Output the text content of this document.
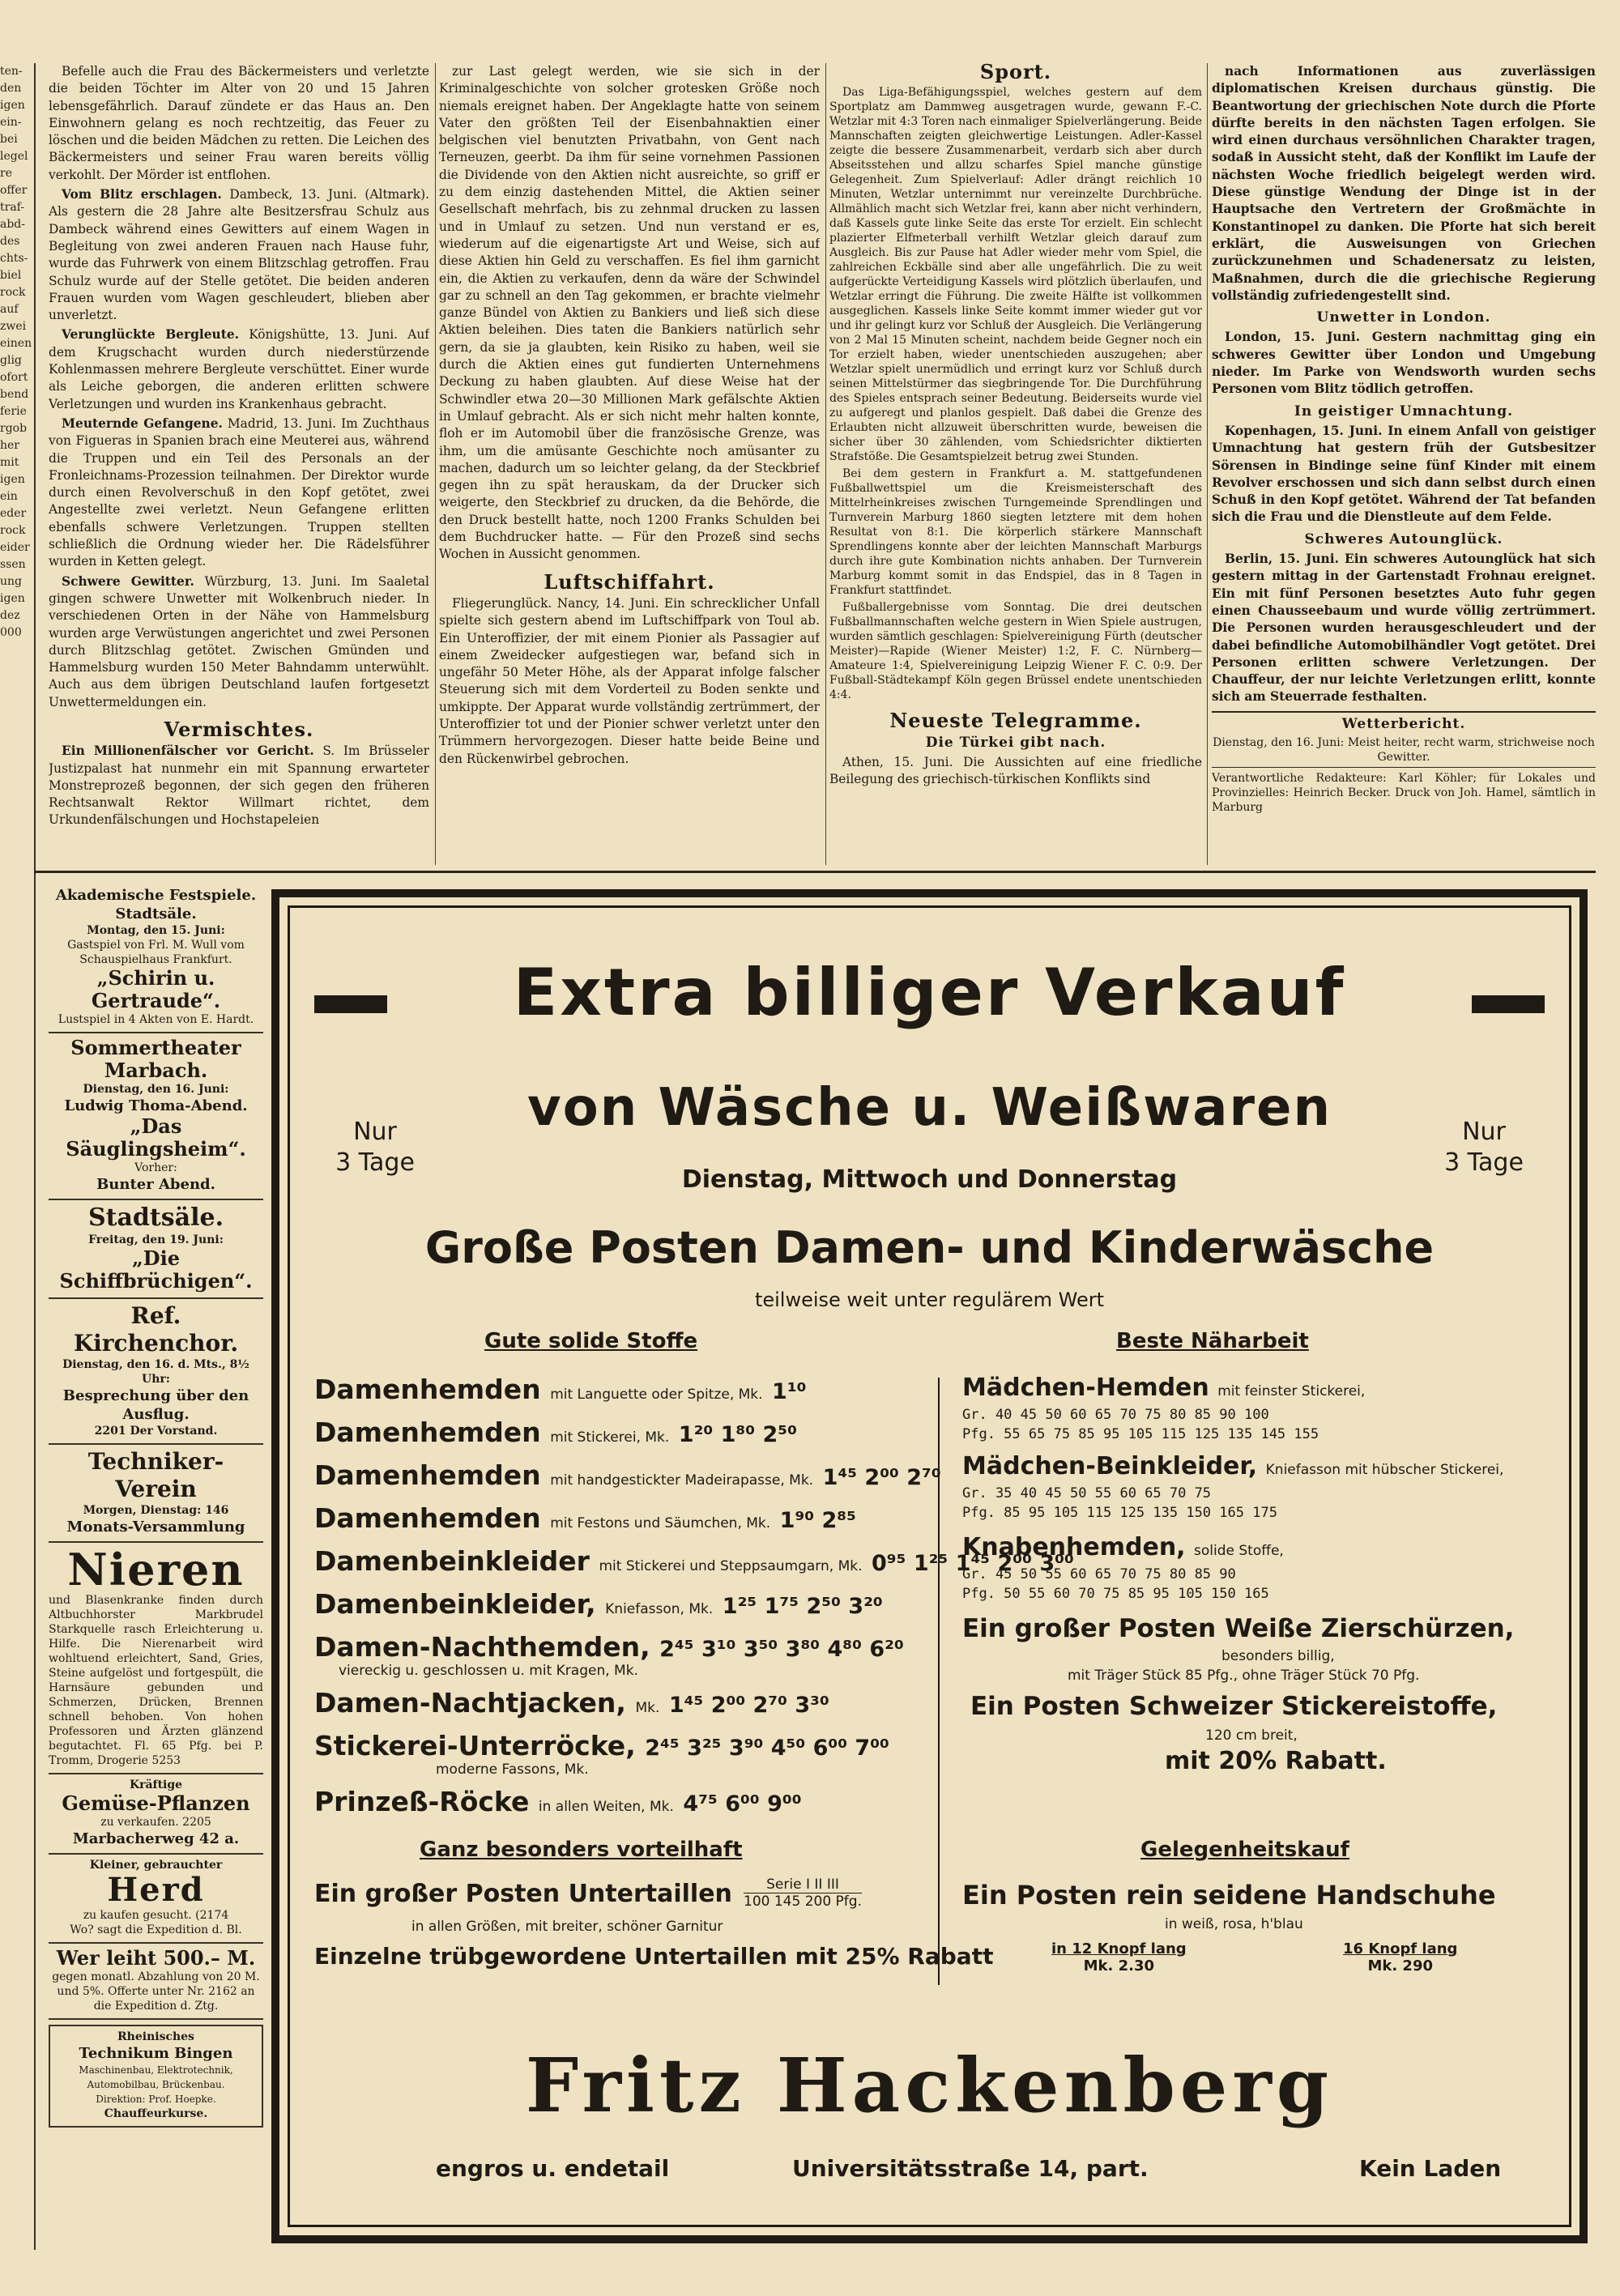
ten- den igen ein- bei legel re offer traf- abd- des chts- biel rock auf zwei einen glig ofort bend ferie rgob her mit igen ein eder rock eider ssen ung igen dez 000

Befelle auch die Frau des Bäckermeisters und verletzte die beiden Töchter im Alter von 20 und 15 Jahren lebensgefährlich. Darauf zündete er das Haus an. Den Einwohnern gelang es noch rechtzeitig, das Feuer zu löschen und die beiden Mädchen zu retten. Die Leichen des Bäckermeisters und seiner Frau waren bereits völlig verkohlt. Der Mörder ist entflohen.

Vom Blitz erschlagen. Dambeck, 13. Juni. (Altmark). Als gestern die 28 Jahre alte Besitzersfrau Schulz aus Dambeck während eines Gewitters auf einem Wagen in Begleitung von zwei anderen Frauen nach Hause fuhr, wurde das Fuhrwerk von einem Blitzschlag getroffen. Frau Schulz wurde auf der Stelle getötet. Die beiden anderen Frauen wurden vom Wagen geschleudert, blieben aber unverletzt.

Verunglückte Bergleute. Königshütte, 13. Juni. Auf dem Krugschacht wurden durch niederstürzende Kohlenmassen mehrere Bergleute verschüttet. Einer wurde als Leiche geborgen, die anderen erlitten schwere Verletzungen und wurden ins Krankenhaus gebracht.

Meuternde Gefangene. Madrid, 13. Juni. Im Zuchthaus von Figueras in Spanien brach eine Meuterei aus, während die Truppen und ein Teil des Personals an der Fronleichnams-Prozession teilnahmen. Der Direktor wurde durch einen Revolverschuß in den Kopf getötet, zwei Angestellte zwei verletzt. Neun Gefangene erlitten ebenfalls schwere Verletzungen. Truppen stellten schließlich die Ordnung wieder her. Die Rädelsführer wurden in Ketten gelegt.

Schwere Gewitter. Würzburg, 13. Juni. Im Saaletal gingen schwere Unwetter mit Wolkenbruch nieder. In verschiedenen Orten in der Nähe von Hammelsburg wurden arge Verwüstungen angerichtet und zwei Personen durch Blitzschlag getötet. Zwischen Gmünden und Hammelsburg wurden 150 Meter Bahndamm unterwühlt. Auch aus dem übrigen Deutschland laufen fortgesetzt Unwettermeldungen ein.

Vermischtes.

Ein Millionenfälscher vor Gericht. S. Im Brüsseler Justizpalast hat nunmehr ein mit Spannung erwarteter Monstreprozeß begonnen, der sich gegen den früheren Rechtsanwalt Rektor Willmart richtet, dem Urkundenfälschungen und Hochstapeleien

zur Last gelegt werden, wie sie sich in der Kriminalgeschichte von solcher grotesken Größe noch niemals ereignet haben. Der Angeklagte hatte von seinem Vater den größten Teil der Eisenbahnaktien einer belgischen viel benutzten Privatbahn, von Gent nach Terneuzen, geerbt. Da ihm für seine vornehmen Passionen die Dividende von den Aktien nicht ausreichte, so griff er zu dem einzig dastehenden Mittel, die Aktien seiner Gesellschaft mehrfach, bis zu zehnmal drucken zu lassen und in Umlauf zu setzen. Und nun verstand er es, wiederum auf die eigenartigste Art und Weise, sich auf diese Aktien hin Geld zu verschaffen. Es fiel ihm garnicht ein, die Aktien zu verkaufen, denn da wäre der Schwindel gar zu schnell an den Tag gekommen, er brachte vielmehr ganze Bündel von Aktien zu Bankiers und ließ sich diese Aktien beleihen. Dies taten die Bankiers natürlich sehr gern, da sie ja glaubten, kein Risiko zu haben, weil sie durch die Aktien eines gut fundierten Unternehmens Deckung zu haben glaubten. Auf diese Weise hat der Schwindler etwa 20—30 Millionen Mark gefälschte Aktien in Umlauf gebracht. Als er sich nicht mehr halten konnte, floh er im Automobil über die französische Grenze, was ihm, um die amüsante Geschichte noch amüsanter zu machen, dadurch um so leichter gelang, da der Steckbrief gegen ihn zu spät herauskam, da der Drucker sich weigerte, den Steckbrief zu drucken, da die Behörde, die den Druck bestellt hatte, noch 1200 Franks Schulden bei dem Buchdrucker hatte. — Für den Prozeß sind sechs Wochen in Aussicht genommen.

Luftschiffahrt.

Fliegerunglück. Nancy, 14. Juni. Ein schrecklicher Unfall spielte sich gestern abend im Luftschiffpark von Toul ab. Ein Unteroffizier, der mit einem Pionier als Passagier auf einem Zweidecker aufgestiegen war, befand sich in ungefähr 50 Meter Höhe, als der Apparat infolge falscher Steuerung sich mit dem Vorderteil zu Boden senkte und umkippte. Der Apparat wurde vollständig zertrümmert, der Unteroffizier tot und der Pionier schwer verletzt unter den Trümmern hervorgezogen. Dieser hatte beide Beine und den Rückenwirbel gebrochen.

Sport.

Das Liga-Befähigungsspiel, welches gestern auf dem Sportplatz am Dammweg ausgetragen wurde, gewann F.-C. Wetzlar mit 4:3 Toren nach einmaliger Spielverlängerung. Beide Mannschaften zeigten gleichwertige Leistungen. Adler-Kassel zeigte die bessere Zusammenarbeit, verdarb sich aber durch Abseitsstehen und allzu scharfes Spiel manche günstige Gelegenheit. Zum Spielverlauf: Adler drängt reichlich 10 Minuten, Wetzlar unternimmt nur vereinzelte Durchbrüche. Allmählich macht sich Wetzlar frei, kann aber nicht verhindern, daß Kassels gute linke Seite das erste Tor erzielt. Ein schlecht plazierter Elfmeterball verhilft Wetzlar gleich darauf zum Ausgleich. Bis zur Pause hat Adler wieder mehr vom Spiel, die zahlreichen Eckbälle sind aber alle ungefährlich. Die zu weit aufgerückte Verteidigung Kassels wird plötzlich überlaufen, und Wetzlar erringt die Führung. Die zweite Hälfte ist vollkommen ausgeglichen. Kassels linke Seite kommt immer wieder gut vor und ihr gelingt kurz vor Schluß der Ausgleich. Die Verlängerung von 2 Mal 15 Minuten scheint, nachdem beide Gegner noch ein Tor erzielt haben, wieder unentschieden auszugehen; aber Wetzlar spielt unermüdlich und erringt kurz vor Schluß durch seinen Mittelstürmer das siegbringende Tor. Die Durchführung des Spieles entsprach seiner Bedeutung. Beiderseits wurde viel zu aufgeregt und planlos gespielt. Daß dabei die Grenze des Erlaubten nicht allzuweit überschritten wurde, beweisen die sicher über 30 zählenden, vom Schiedsrichter diktierten Strafstöße. Die Gesamtspielzeit betrug zwei Stunden.

Bei dem gestern in Frankfurt a. M. stattgefundenen Fußballwettspiel um die Kreismeisterschaft des Mittelrheinkreises zwischen Turngemeinde Sprendlingen und Turnverein Marburg 1860 siegten letztere mit dem hohen Resultat von 8:1. Die körperlich stärkere Mannschaft Sprendlingens konnte aber der leichten Mannschaft Marburgs durch ihre gute Kombination nichts anhaben. Der Turnverein Marburg kommt somit in das Endspiel, das in 8 Tagen in Frankfurt stattfindet.

Fußballergebnisse vom Sonntag. Die drei deutschen Fußballmannschaften welche gestern in Wien Spiele austrugen, wurden sämtlich geschlagen: Spielvereinigung Fürth (deutscher Meister)—Rapide (Wiener Meister) 1:2, F. C. Nürnberg—Amateure 1:4, Spielvereinigung Leipzig Wiener F. C. 0:9. Der Fußball-Städtekampf Köln gegen Brüssel endete unentschieden 4:4.

Neueste Telegramme.
Die Türkei gibt nach.

Athen, 15. Juni. Die Aussichten auf eine friedliche Beilegung des griechisch-türkischen Konflikts sind

nach Informationen aus zuverlässigen diplomatischen Kreisen durchaus günstig. Die Beantwortung der griechischen Note durch die Pforte dürfte bereits in den nächsten Tagen erfolgen. Sie wird einen durchaus versöhnlichen Charakter tragen, sodaß in Aussicht steht, daß der Konflikt im Laufe der nächsten Woche friedlich beigelegt werden wird. Diese günstige Wendung der Dinge ist in der Hauptsache den Vertretern der Großmächte in Konstantinopel zu danken. Die Pforte hat sich bereit erklärt, die Ausweisungen von Griechen zurückzunehmen und Schadenersatz zu leisten, Maßnahmen, durch die die griechische Regierung vollständig zufriedengestellt sind.

Unwetter in London.

London, 15. Juni. Gestern nachmittag ging ein schweres Gewitter über London und Umgebung nieder. Im Parke von Wendsworth wurden sechs Personen vom Blitz tödlich getroffen.

In geistiger Umnachtung.

Kopenhagen, 15. Juni. In einem Anfall von geistiger Umnachtung hat gestern früh der Gutsbesitzer Sörensen in Bindinge seine fünf Kinder mit einem Revolver erschossen und sich dann selbst durch einen Schuß in den Kopf getötet. Während der Tat befanden sich die Frau und die Dienstleute auf dem Felde.

Schweres Autounglück.

Berlin, 15. Juni. Ein schweres Autounglück hat sich gestern mittag in der Gartenstadt Frohnau ereignet. Ein mit fünf Personen besetztes Auto fuhr gegen einen Chausseebaum und wurde völlig zertrümmert. Die Personen wurden herausgeschleudert und der dabei befindliche Automobilhändler Vogt getötet. Drei Personen erlitten schwere Verletzungen. Der Chauffeur, der nur leichte Verletzungen erlitt, konnte sich am Steuerrade festhalten.

Wetterbericht.

Dienstag, den 16. Juni: Meist heiter, recht warm, strichweise noch Gewitter.

Verantwortliche Redakteure: Karl Köhler; für Lokales und Provinzielles: Heinrich Becker. Druck von Joh. Hamel, sämtlich in Marburg

Akademische Festspiele.
Stadtsäle.
Montag, den 15. Juni:
Gastspiel von Frl. M. Wull vom Schauspielhaus Frankfurt.
„Schirin u. Gertraude“.
Lustspiel in 4 Akten von E. Hardt.
Sommertheater Marbach.
Dienstag, den 16. Juni:
Ludwig Thoma-Abend.
„Das Säuglingsheim“.
Vorher:
Bunter Abend.
Stadtsäle.
Freitag, den 19. Juni:
„Die Schiffbrüchigen“.
Ref. Kirchenchor.
Dienstag, den 16. d. Mts., 8½ Uhr:
Besprechung über den Ausflug.
2201 Der Vorstand.
Techniker-Verein
Morgen, Dienstag: 146
Monats-Versammlung
Nieren
und Blasenkranke finden durch Altbuchhorster Markbrudel Starkquelle rasch Erleichterung u. Hilfe. Die Nierenarbeit wird wohltuend erleichtert, Sand, Gries, Steine aufgelöst und fortgespült, die Harnsäure gebunden und Schmerzen, Drücken, Brennen schnell behoben. Von hohen Professoren und Ärzten glänzend begutachtet. Fl. 65 Pfg. bei P. Tromm, Drogerie 5253
Kräftige
Gemüse-Pflanzen
zu verkaufen. 2205
Marbacherweg 42 a.
Kleiner, gebrauchter
Herd
zu kaufen gesucht. (2174
Wo? sagt die Expedition d. Bl.
Wer leiht 500.– M.
gegen monatl. Abzahlung von 20 M. und 5%. Offerte unter Nr. 2162 an die Expedition d. Ztg.
Rheinisches
Technikum Bingen
Maschinenbau, Elektrotechnik, Automobilbau, Brückenbau.
Direktion: Prof. Hoepke.
Chauffeurkurse.
Extra billiger Verkauf
Nur
3 Tage
Nur
3 Tage
von Wäsche u. Weißwaren
Dienstag, Mittwoch und Donnerstag
Große Posten Damen- und Kinderwäsche
teilweise weit unter regulärem Wert
Gute solide Stoffe
Damenhemden mit Languette oder Spitze, Mk. 1¹⁰
Damenhemden mit Stickerei, Mk. 1²⁰ 1⁸⁰ 2⁵⁰
Damenhemden mit handgestickter Madeirapasse, Mk. 1⁴⁵ 2⁰⁰ 2⁷⁰
Damenhemden mit Festons und Säumchen, Mk. 1⁹⁰ 2⁸⁵
Damenbeinkleider mit Stickerei und Steppsaumgarn, Mk. 0⁹⁵ 1²⁵ 1⁴⁵ 2⁰⁰ 3⁰⁰
Damenbeinkleider, Kniefasson, Mk. 1²⁵ 1⁷⁵ 2⁵⁰ 3²⁰
Damen-Nachthemden, 2⁴⁵ 3¹⁰ 3⁵⁰ 3⁸⁰ 4⁸⁰ 6²⁰
viereckig u. geschlossen u. mit Kragen, Mk.
Damen-Nachtjacken, Mk. 1⁴⁵ 2⁰⁰ 2⁷⁰ 3³⁰
Stickerei-Unterröcke, 2⁴⁵ 3²⁵ 3⁹⁰ 4⁵⁰ 6⁰⁰ 7⁰⁰
moderne Fassons, Mk.
Prinzeß-Röcke in allen Weiten, Mk. 4⁷⁵ 6⁰⁰ 9⁰⁰
Ganz besonders vorteilhaft
Ein großer Posten Untertaillen	Serie I II III
100 145 200 Pfg.
in allen Größen, mit breiter, schöner Garnitur
Einzelne trübgewordene Untertaillen mit 25% Rabatt
Beste Näharbeit
Mädchen-Hemden mit feinster Stickerei,
Gr. 40 45 50 60 65 70 75 80 85 90 100
Pfg. 55 65 75 85 95 105 115 125 135 145 155
Mädchen-Beinkleider, Kniefasson mit hübscher Stickerei,
Gr. 35 40 45 50 55 60 65 70 75
Pfg. 85 95 105 115 125 135 150 165 175
Knabenhemden, solide Stoffe,
Gr. 45 50 55 60 65 70 75 80 85 90
Pfg. 50 55 60 70 75 85 95 105 150 165
Ein großer Posten Weiße Zierschürzen,
besonders billig,
mit Träger Stück 85 Pfg., ohne Träger Stück 70 Pfg.
Ein Posten Schweizer Stickereistoffe,
120 cm breit,
mit 20% Rabatt.
Gelegenheitskauf
Ein Posten rein seidene Handschuhe
in weiß, rosa, h'blau
in 12 Knopf lang
Mk. 2.30
16 Knopf lang
Mk. 290
Fritz Hackenberg
engros u. endetail	Universitätsstraße 14, part.	Kein Laden
